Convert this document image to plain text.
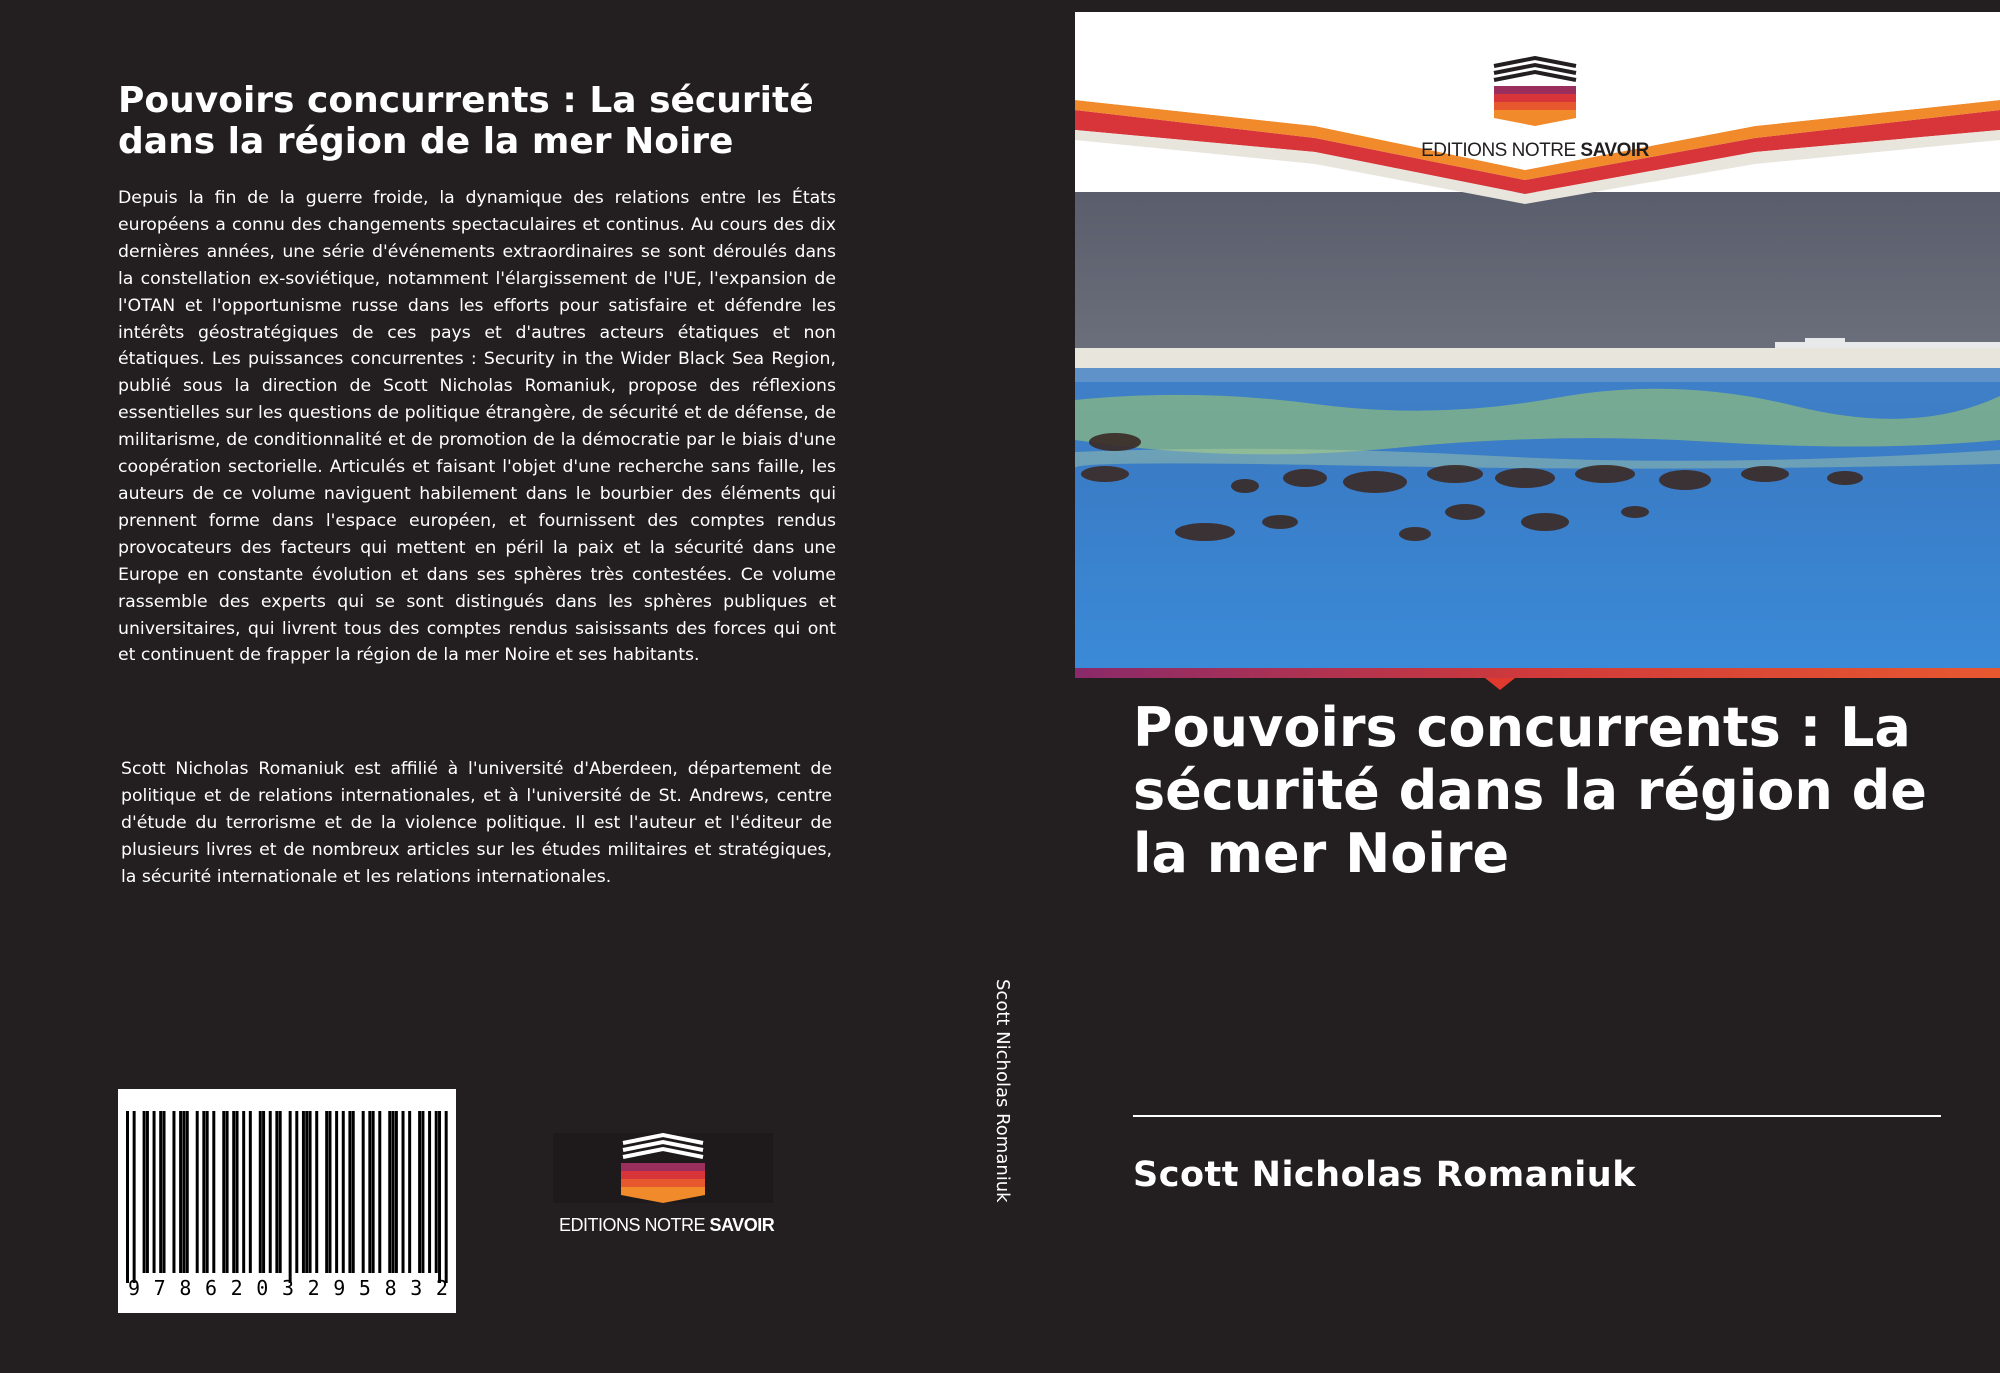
Pouvoirs concurrents : La sécurité dans la région de la mer Noire

Depuis la fin de la guerre froide, la dynamique des relations entre les États européens a connu des changements spectaculaires et continus. Au cours des dix dernières années, une série d'événements extraordinaires se sont déroulés dans la constellation ex-soviétique, notamment l'élargissement de l'UE, l'expansion de l'OTAN et l'opportunisme russe dans les efforts pour satisfaire et défendre les intérêts géostratégiques de ces pays et d'autres acteurs étatiques et non étatiques. Les puissances concurrentes : Security in the Wider Black Sea Region, publié sous la direction de Scott Nicholas Romaniuk, propose des réflexions essentielles sur les questions de politique étrangère, de sécurité et de défense, de militarisme, de conditionnalité et de promotion de la démocratie par le biais d'une coopération sectorielle. Articulés et faisant l'objet d'une recherche sans faille, les auteurs de ce volume naviguent habilement dans le bourbier des éléments qui prennent forme dans l'espace européen, et fournissent des comptes rendus provocateurs des facteurs qui mettent en péril la paix et la sécurité dans une Europe en constante évolution et dans ses sphères très contestées. Ce volume rassemble des experts qui se sont distingués dans les sphères publiques et universitaires, qui livrent tous des comptes rendus saisissants des forces qui ont et continuent de frapper la région de la mer Noire et ses habitants.

Scott Nicholas Romaniuk est affilié à l'université d'Aberdeen, département de politique et de relations internationales, et à l'université de St. Andrews, centre d'étude du terrorisme et de la violence politique. Il est l'auteur et l'éditeur de plusieurs livres et de nombreux articles sur les études militaires et stratégiques, la sécurité internationale et les relations internationales.

9 7 8 6 2 0 3 2 9 5 8 3 2
EDITIONS NOTRE SAVOIR
Scott Nicholas Romaniuk
EDITIONS NOTRE SAVOIR
Pouvoirs concurrents : La sécurité dans la région de la mer Noire
Scott Nicholas Romaniuk
